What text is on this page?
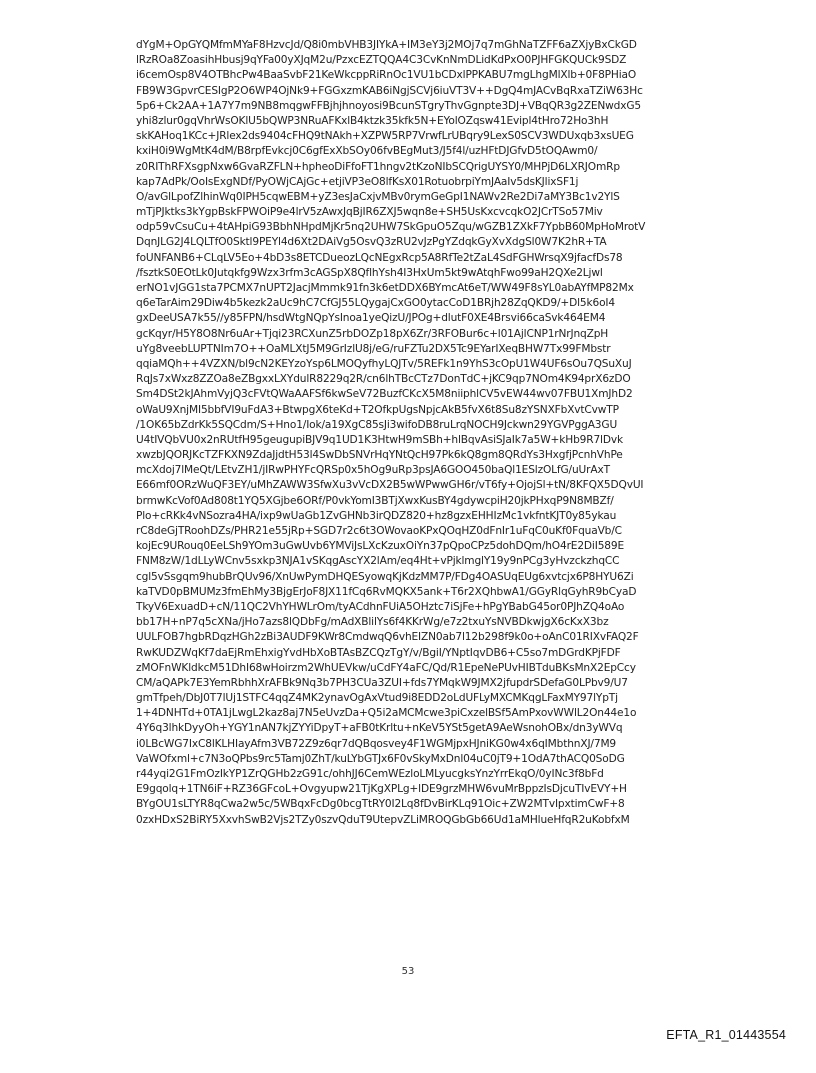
dYgM+OpGYQMfmMYaF8HzvcJd/Q8i0mbVHB3JIYkA+IM3eY3j2MOj7q7mGhNaTZFF6aZXjyBxCkGD
lRzROa8ZoasihHbusj9qYFa00yXJqM2u/PzxcEZTQQA4C3CvKnNmDLidKdPxO0PJHFGKQUCk9SDZ
i6cemOsp8V4OTBhcPw4BaaSvbF21KeWkcppRiRnOc1VU1bCDxlPPKABU7mgLhgMlXlb+0F8PHiaO
FB9W3GpvrCESIgP2O6WP4OjNk9+FGGxzmKAB6iNgjSCVj6iuVT3V++DgQ4mJACvBqRxaTZiW63Hc
5p6+Ck2AA+1A7Y7m9NB8mqgwFFBjhjhnoyosi9BcunSTgryThvGgnpte3DJ+VBqQR3g2ZENwdxG5
yhi8zlur0gqVhrWsOKlU5bQWP3NRuAFKxlB4ktzk35kfk5N+EYolOZqsw41Evipl4tHro72Ho3hH
skKAHoq1KCc+JRlex2ds9404cFHQ9tNAkh+XZPW5RP7VrwfLrUBqry9LexS0SCV3WDUxqb3xsUEG
kxiH0i9WgMtK4dM/B8rpfEvkcj0C6gfExXbSOy06fvBEgMut3/J5f4l/uzHFtDJGfvD5tOQAwm0/
z0RIThRFXsgpNxw6GvaRZFLN+hpheoDiFfoFT1hngv2tKzoNIbSCQrigUYSY0/MHPjD6LXRJOmRp
kap7AdPk/OoIsExgNDf/PyOWjCAjGc+etjiVP3eO8lfKsX01RotuobrpiYmJAaIv5dsKJlixSF1j
O/avGlLpofZlhinWq0IPH5cqwEBM+yZ3esJaCxjvMBv0rymGeGpI1NAWv2Re2Di7aMY3Bc1v2YlS
mTjPJktks3kYgpBskFPWOiP9e4lrV5zAwxJqBjIR6ZXJ5wqn8e+SH5UsKxcvcqkO2JCrTSo57Miv
odp59vCsuCu+4tAHpiG93BbhNHpdMjKr5nq2UHW7SkGpuO5Zqu/wGZB1ZXkF7YpbB60MpHoMrotV
DqnJLG2J4LQLTfO0Sktl9PEYl4d6Xt2DAiVg5OsvQ3zRU2vJzPgYZdqkGyXvXdgSl0W7K2hR+TA
foUNFANB6+CLqLV5Eo+4bD3s8ETCDueozLQcNEgxRcp5A8RfTe2tZaL4SdFGHWrsqX9jfacfDs78
/fsztkS0EOtLk0Jutqkfg9Wzx3rfm3cAGSpX8QflhYsh4I3HxUm5kt9wAtqhFwo99aH2QXe2Ljwl
erNO1vJGG1sta7PCMX7nUPT2JacjMmmk91fn3k6etDDX6BYmcAt6eT/WW49F8sYL0abAYfMP82Mx
q6eTarAim29Diw4b5kezk2aUc9hC7CfGJ55LQygajCxGO0ytacCoD1BRjh28ZqQKD9/+Dl5k6oI4
gxDeeUSA7k55//y85FPN/hsdWtgNQpYsInoa1yeQizU/JPOg+dlutF0XE4Brsvi66caSvk464EM4
gcKqyr/H5Y8O8Nr6uAr+Tjqi23RCXunZ5rbDOZp18pX6Zr/3RFOBur6c+l01AjlCNP1rNrJnqZpH
uYg8veebLUPTNIm7O++OaMLXtJ5M9GrIzlU8j/eG/ruFZTu2DX5Tc9EYarIXeqBHW7Tx99FMbstr
qqiaMQh++4VZXN/bl9cN2KEYzoYsp6LMOQyfhyLQJTv/5REFk1n9YhS3cOpU1W4UF6sOu7QSuXuJ
RqJs7xWxz8ZZOa8eZBgxxLXYdulR8229q2R/cn6lhTBcCTz7DonTdC+jKC9qp7NOm4K94prX6zDO
Sm4DSt2kJAhmVyjQ3cFVtQWaAAFSf6kwSeV72BuzfCKcX5M8niiphlCV5vEW44wv07FBU1XmJhD2
oWaU9XnjMI5bbfVI9uFdA3+BtwpgX6teKd+T2OfkpUgsNpjcAkB5fvX6t8Su8zYSNXFbXvtCvwTP
/1OK65bZdrKk5SQCdm/S+Hno1/Iok/a19XgC85sJi3wifoDB8ruLrqNOCH9Jckwn29YGVPggA3GU
U4tIVQbVU0x2nRUtfH95geugupiBJV9q1UD1K3HtwH9mSBh+hlBqvAsiSJaIk7a5W+kHb9R7lDvk
xwzbJQORJKcTZFKXN9ZdaJjdtH53l4SwDbSNVrHqYNtQcH97Pk6kQ8gm8QRdYs3HxgfjPcnhVhPe
mcXdoj7lMeQt/LEtvZH1/jIRwPHYFcQRSp0x5hOg9uRp3psJA6GOO450baQl1ESlzOLfG/uUrAxT
E66mf0ORzWuQF3EY/uMhZAWW3SfwXu3vVcDX2B5wWPwwGH6r/vT6fy+OjojSl+tN/8KFQX5DQvUI
brmwKcVof0Ad808t1YQ5XGjbe6ORf/P0vkYomI3BTjXwxKusBY4gdywcpiH20jkPHxqP9N8MBZf/
Plo+cRKk4vNSozra4HA/ixp9wUaGb1ZvGHNb3irQDZ820+hz8gzxEHHIzMc1vkfntKJT0y85ykau
rC8deGjTRoohDZs/PHR21e55jRp+SGD7r2c6t3OWovaoKPxQOqHZ0dFnIr1uFqC0uKf0FquaVb/C
kojEc9URouq0EeLSh9YOm3uGwUvb6YMViJsLXcKzuxOiYn37pQpoCPz5dohDQm/hO4rE2DiI589E
FNM8zW/1dLLyWCnv5sxkp3NJA1vSKqgAscYX2lAm/eq4Ht+vPjklmglY19y9nPCg3yHvzckzhqCC
cgl5vSsgqm9hubBrQUv96/XnUwPymDHQESyowqKjKdzMM7P/FDg4OASUqEUg6xvtcjx6P8HYU6Zi
kaTVD0pBMUMz3fmEhMy3BjgErJoF8JX11fCq6RvMQKX5ank+T6r2XQhbwA1/GGyRlqGyhR9bCyaD
TkyV6ExuadD+cN/11QC2VhYHWLrOm/tyACdhnFUiA5OHztc7iSjFe+hPgYBabG45or0PJhZQ4oAo
bb17H+nP7q5cXNa/jHo7azs8lQDbFg/mAdXBlilYs6f4KKrWg/e7z2txuYsNVBDkwjgX6cKxX3bz
UULFOB7hgbRDqzHGh2zBi3AUDF9KWr8CmdwqQ6vhEIZN0ab7l12b298f9k0o+oAnC01RIXvFAQ2F
RwKUDZWqKf7daEjRmEhxigYvdHbXoBTAsBZCQzTgY/v/BgiI/YNptIqvDB6+C5so7mDGrdKPjFDF
zMOFnWKldkcM51DhI68wHoirzm2WhUEVkw/uCdFY4aFC/Qd/R1EpeNePUvHIBTduBKsMnX2EpCcy
CM/aQAPk7E3YemRbhhXrAFBk9Nq3b7PH3CUa3ZUI+fds7YMqkW9JMX2jfupdrSDefaG0LPbv9/U7
gmTfpeh/DbJ0T7lUj1STFC4qqZ4MK2ynavOgAxVtud9i8EDD2oLdUFLyMXCMKqgLFaxMY97lYpTj
1+4DNHTd+0TA1jLwgL2kaz8aj7N5eUvzDa+Q5i2aMCMcwe3piCxzelBSf5AmPxovWWlL2On44e1o
4Y6q3lhkDyyOh+YGY1nAN7kjZYYiDpyT+aFB0tKrltu+nKeV5YSt5getA9AeWsnohOBx/dn3yWVq
i0LBcWG7IxC8lKLHIayAfm3VB72Z9z6qr7dQBqosvey4F1WGMjpxHJniKG0w4x6qIMbthnXJ/7M9
VaWOfxml+c7N3oQPbs9rc5Tamj0ZhT/kuLYbGTJx6F0vSkyMxDnl04uC0jT9+1OdA7thACQ0SoDG
r44yqi2G1FmOzIkYP1ZrQGHb2zG91c/ohhJJ6CemWEzloLMLyucgksYnzYrrEkqO/0yINc3f8bFd
E9gqolq+1TN6iF+RZ36GFcoL+Ovgyupw21TjKgXPLg+lDE9grzMHW6vuMrBppzIsDjcuTIvEVY+H
BYgOU1sLTYR8qCwa2w5c/5WBqxFcDg0bcgTtRY0I2Lq8fDvBirKLq91Oic+ZW2MTvIpxtimCwF+8
0zxHDxS2BiRY5XxvhSwB2Vjs2TZy0szvQduT9UtepvZLiMROQGbGb66Ud1aMHlueHfqR2uKobfxM
53
EFTA_R1_01443554
